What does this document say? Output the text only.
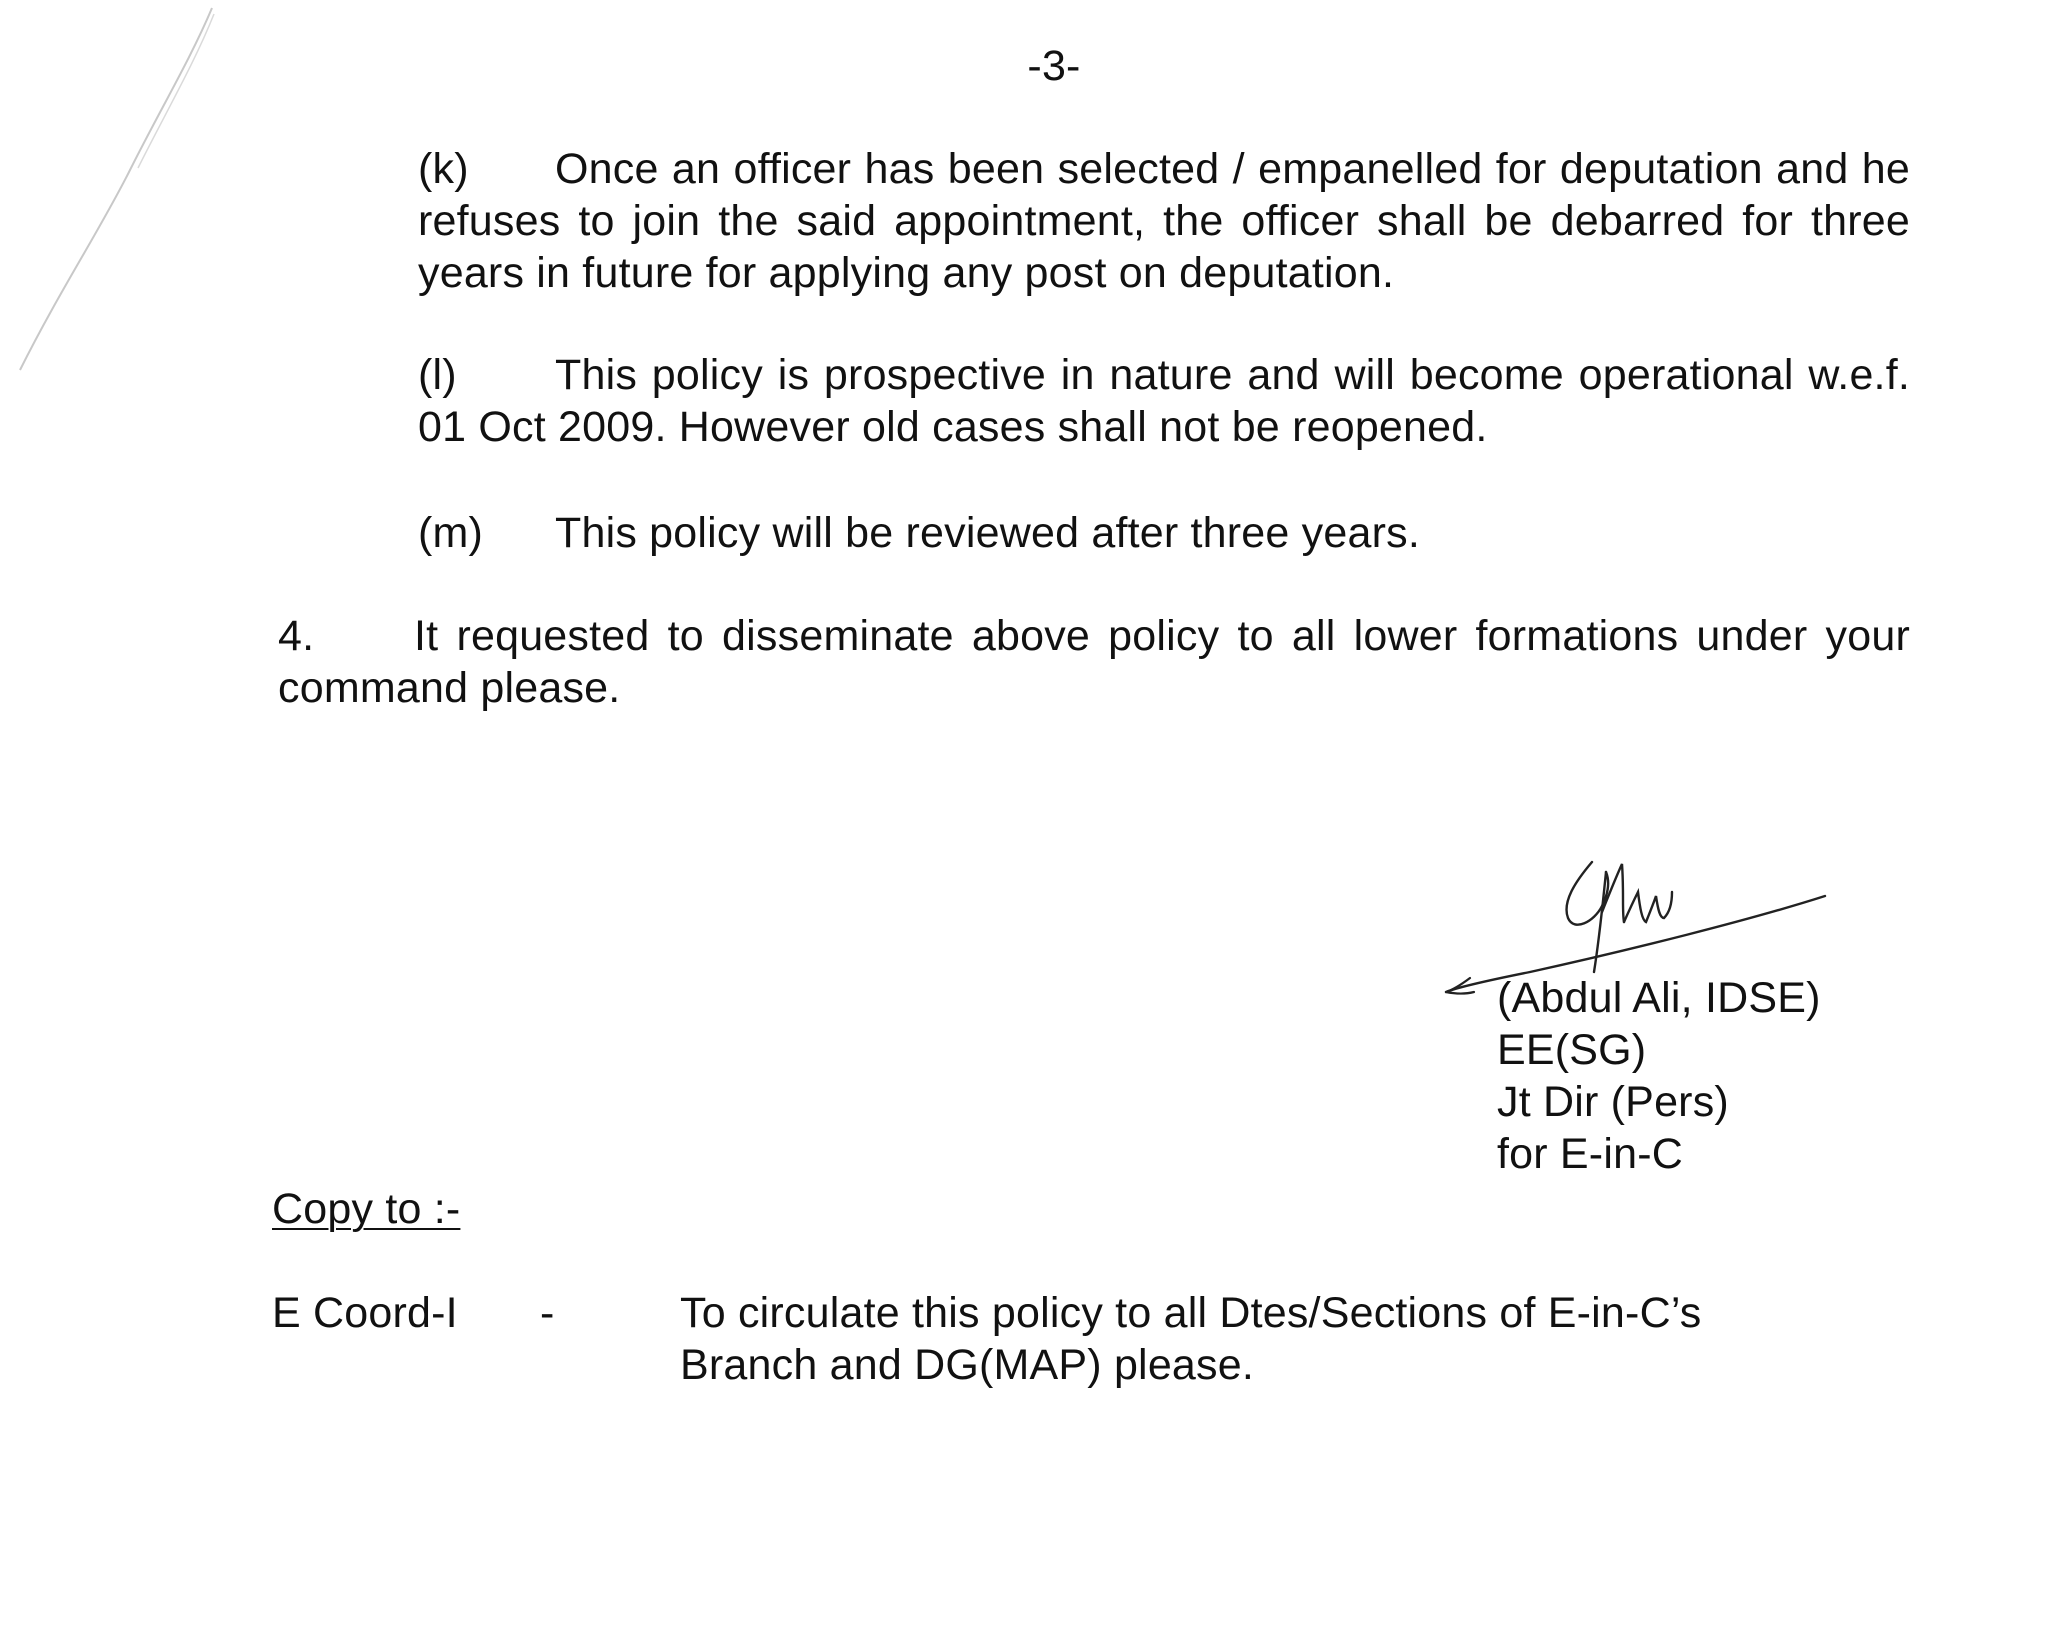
-3-

(k) Once an officer has been selected / empanelled for deputation and he refuses to join the said appointment, the officer shall be debarred for three years in future for applying any post on deputation.

(l) This policy is prospective in nature and will become operational w.e.f. 01 Oct 2009. However old cases shall not be reopened.

(m) This policy will be reviewed after three years.

4. It requested to disseminate above policy to all lower formations under your command please.

(Abdul Ali, IDSE)
EE(SG)
Jt Dir (Pers)
for E-in-C
Copy to :-
E Coord-I -	To circulate this policy to all Dtes/Sections of E-in-C’s Branch and DG(MAP) please.
